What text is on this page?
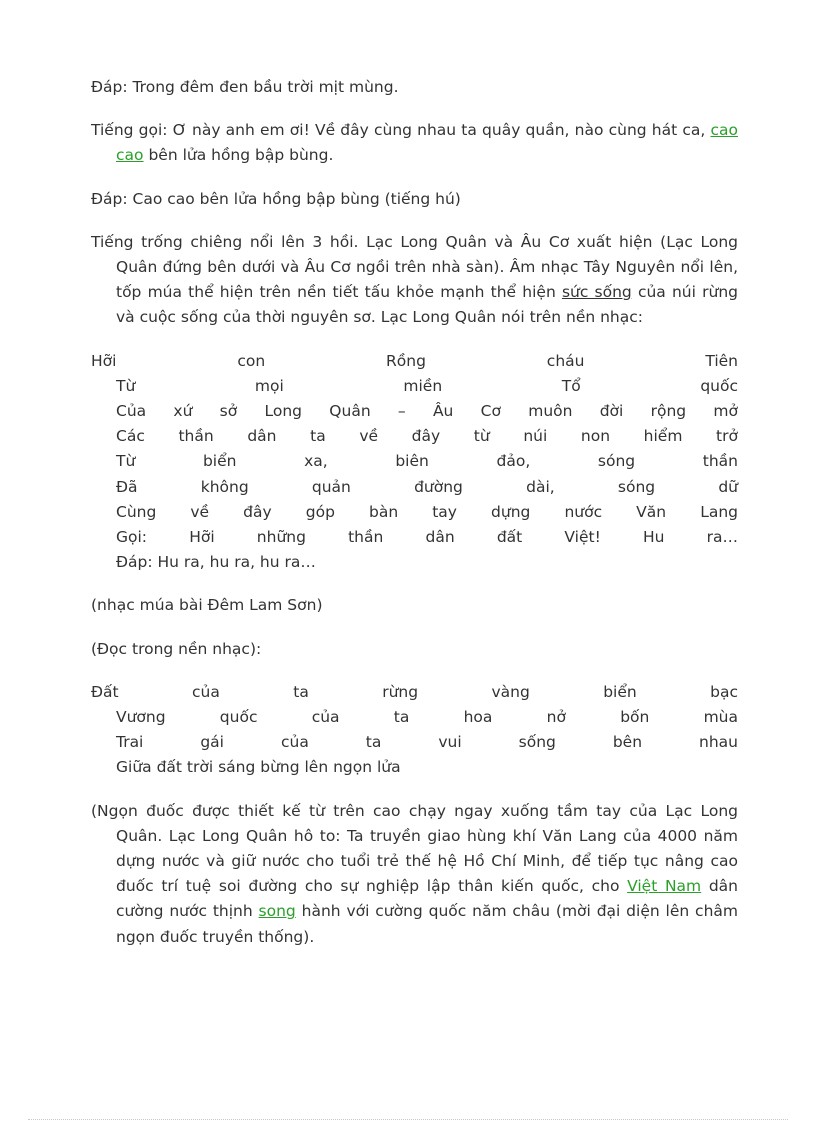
Đáp: Trong đêm đen bầu trời mịt mùng.

Tiếng gọi: Ơ này anh em ơi! Về đây cùng nhau ta quây quần, nào cùng hát ca, cao cao bên lửa hồng bập bùng.

Đáp: Cao cao bên lửa hồng bập bùng (tiếng hú)

Tiếng trống chiêng nổi lên 3 hồi. Lạc Long Quân và Âu Cơ xuất hiện (Lạc Long Quân đứng bên dưới và Âu Cơ ngồi trên nhà sàn). Âm nhạc Tây Nguyên nổi lên, tốp múa thể hiện trên nền tiết tấu khỏe mạnh thể hiện sức sống của núi rừng và cuộc sống của thời nguyên sơ. Lạc Long Quân nói trên nền nhạc:

Hỡi con Rồng cháu Tiên
Từ mọi miền Tổ quốc
Của xứ sở Long Quân – Âu Cơ muôn đời rộng mở
Các thần dân ta về đây từ núi non hiểm trở
Từ biển xa, biên đảo, sóng thần
Đã không quản đường dài, sóng dữ
Cùng về đây góp bàn tay dựng nước Văn Lang
Gọi: Hỡi những thần dân đất Việt! Hu ra…
Đáp: Hu ra, hu ra, hu ra…

(nhạc múa bài Đêm Lam Sơn)

(Đọc trong nền nhạc):

Đất của ta rừng vàng biển bạc
Vương quốc của ta hoa nở bốn mùa
Trai gái của ta vui sống bên nhau
Giữa đất trời sáng bừng lên ngọn lửa

(Ngọn đuốc được thiết kế từ trên cao chạy ngay xuống tầm tay của Lạc Long Quân. Lạc Long Quân hô to: Ta truyền giao hùng khí Văn Lang của 4000 năm dựng nước và giữ nước cho tuổi trẻ thế hệ Hồ Chí Minh, để tiếp tục nâng cao đuốc trí tuệ soi đường cho sự nghiệp lập thân kiến quốc, cho Việt Nam dân cường nước thịnh song hành với cường quốc năm châu (mời đại diện lên châm ngọn đuốc truyền thống).
